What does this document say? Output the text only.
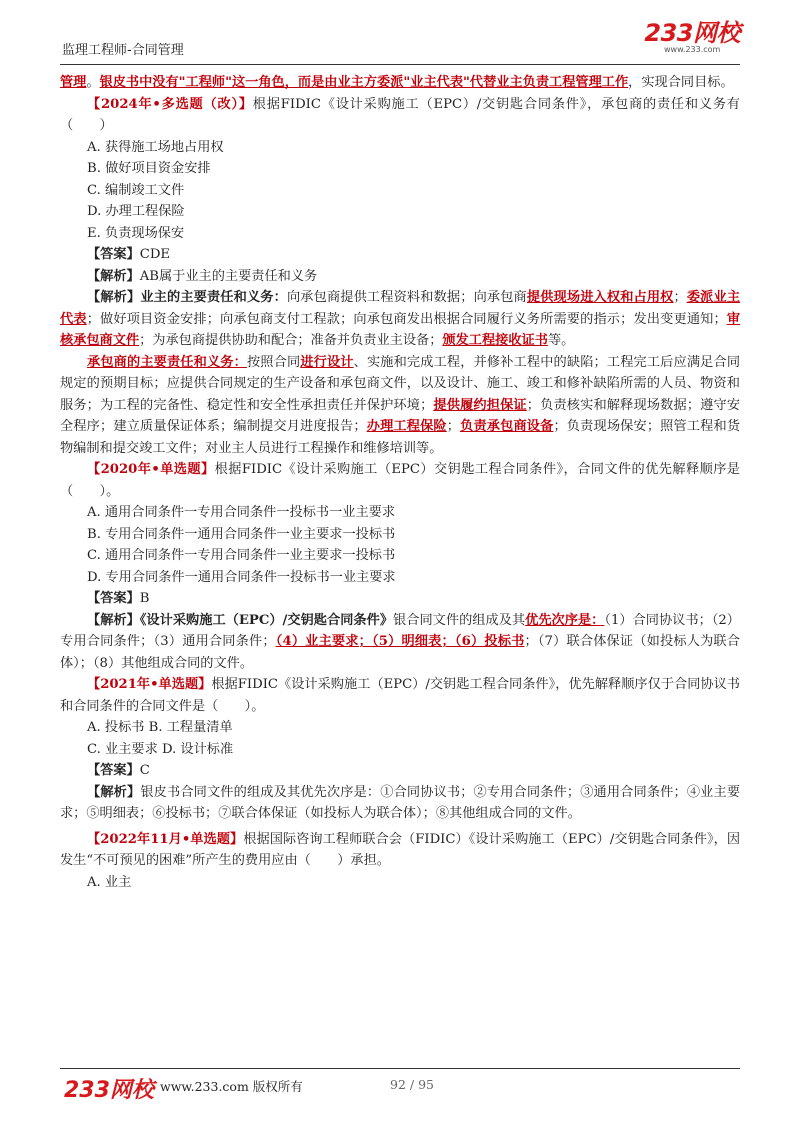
监理工程师-合同管理
233网校
www.233.com

管理。银皮书中没有"工程师"这一角色，而是由业主方委派"业主代表"代替业主负责工程管理工作，实现合同目标。

【2024年•多选题（改）】根据FIDIC《设计采购施工（EPC）/交钥匙合同条件》，承包商的责任和义务有（　　）

A. 获得施工场地占用权

B. 做好项目资金安排

C. 编制竣工文件

D. 办理工程保险

E. 负责现场保安

【答案】CDE

【解析】AB属于业主的主要责任和义务

【解析】业主的主要责任和义务：向承包商提供工程资料和数据；向承包商提供现场进入权和占用权；委派业主代表；做好项目资金安排；向承包商支付工程款；向承包商发出根据合同履行义务所需要的指示；发出变更通知；审核承包商文件；为承包商提供协助和配合；准备并负责业主设备；颁发工程接收证书等。

承包商的主要责任和义务：按照合同进行设计、实施和完成工程，并修补工程中的缺陷；工程完工后应满足合同规定的预期目标；应提供合同规定的生产设备和承包商文件，以及设计、施工、竣工和修补缺陷所需的人员、物资和服务；为工程的完备性、稳定性和安全性承担责任并保护环境；提供履约担保证；负责核实和解释现场数据；遵守安全程序；建立质量保证体系；编制提交月进度报告；办理工程保险；负责承包商设备；负责现场保安；照管工程和货物编制和提交竣工文件；对业主人员进行工程操作和维修培训等。

【2020年•单选题】根据FIDIC《设计采购施工（EPC）交钥匙工程合同条件》，合同文件的优先解释顺序是（　　）。

A. 通用合同条件一专用合同条件一投标书一业主要求

B. 专用合同条件一通用合同条件一业主要求一投标书

C. 通用合同条件一专用合同条件一业主要求一投标书

D. 专用合同条件一通用合同条件一投标书一业主要求

【答案】B

【解析】《设计采购施工（EPC）/交钥匙合同条件》银合同文件的组成及其优先次序是：（1）合同协议书；（2）专用合同条件；（3）通用合同条件；（4）业主要求；（5）明细表；（6）投标书；（7）联合体保证（如投标人为联合体）；（8）其他组成合同的文件。

【2021年•单选题】根据FIDIC《设计采购施工（EPC）/交钥匙工程合同条件》，优先解释顺序仅于合同协议书和合同条件的合同文件是（　　）。

A. 投标书 B. 工程量清单

C. 业主要求 D. 设计标准

【答案】C

【解析】银皮书合同文件的组成及其优先次序是：①合同协议书；②专用合同条件；③通用合同条件；④业主要求；⑤明细表；⑥投标书；⑦联合体保证（如投标人为联合体）；⑧其他组成合同的文件。

【2022年11月•单选题】根据国际咨询工程师联合会（FIDIC）《设计采购施工（EPC）/交钥匙合同条件》，因发生“不可预见的困难”所产生的费用应由（　　）承担。

A. 业主

233网校 www.233.com 版权所有	92 / 95
